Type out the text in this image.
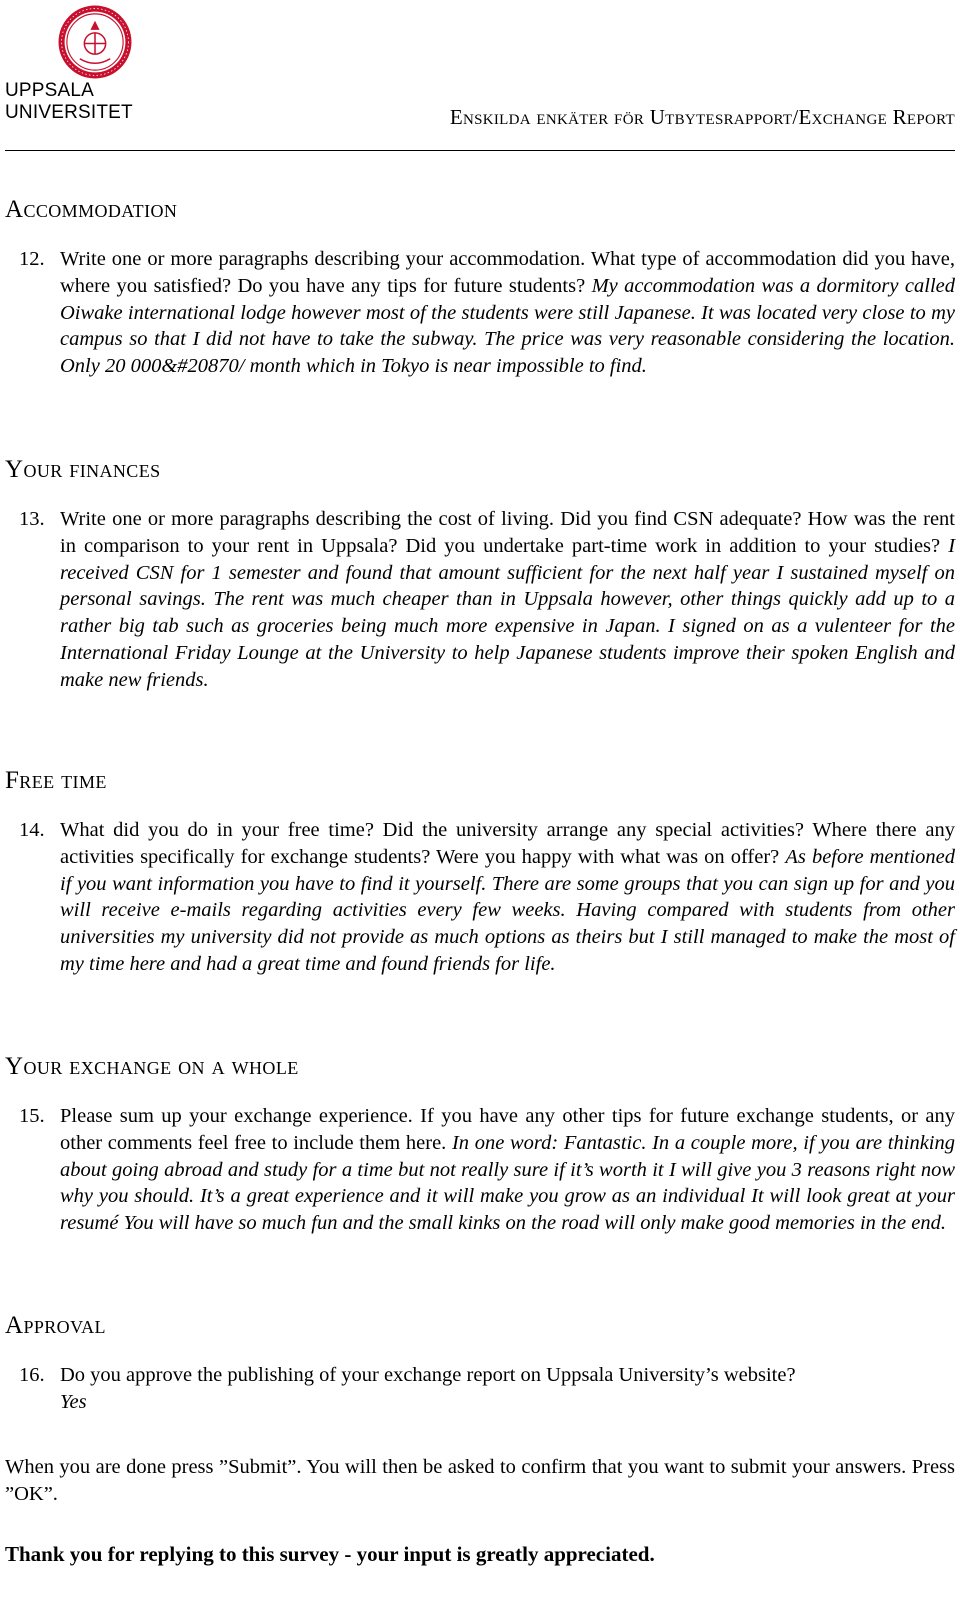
UPPSALA
UNIVERSITET	Enskilda enkäter för Utbytesrapport/Exchange Report
Accommodation
12. Write one or more paragraphs describing your accommodation. What type of accommodation did you have, where you satisfied? Do you have any tips for future students? My accommodation was a dormitory called Oiwake international lodge however most of the students were still Japanese. It was located very close to my campus so that I did not have to take the subway. The price was very reasonable considering the location. Only 20 000&#20870/ month which in Tokyo is near impossible to find.
Your finances
13. Write one or more paragraphs describing the cost of living. Did you find CSN adequate? How was the rent in comparison to your rent in Uppsala? Did you undertake part-time work in addition to your studies? I received CSN for 1 semester and found that amount sufficient for the next half year I sustained myself on personal savings. The rent was much cheaper than in Uppsala however, other things quickly add up to a rather big tab such as groceries being much more expensive in Japan. I signed on as a vulenteer for the International Friday Lounge at the University to help Japanese students improve their spoken English and make new friends.
Free time
14. What did you do in your free time? Did the university arrange any special activities? Where there any activities specifically for exchange students? Were you happy with what was on offer? As before mentioned if you want information you have to find it yourself. There are some groups that you can sign up for and you will receive e-mails regarding activities every few weeks. Having compared with students from other universities my university did not provide as much options as theirs but I still managed to make the most of my time here and had a great time and found friends for life.
Your exchange on a whole
15. Please sum up your exchange experience. If you have any other tips for future exchange students, or any other comments feel free to include them here. In one word: Fantastic. In a couple more, if you are thinking about going abroad and study for a time but not really sure if it’s worth it I will give you 3 reasons right now why you should. It’s a great experience and it will make you grow as an individual It will look great at your resumé You will have so much fun and the small kinks on the road will only make good memories in the end.
Approval
16. Do you approve the publishing of your exchange report on Uppsala University’s website?
Yes
When you are done press ”Submit”. You will then be asked to confirm that you want to submit your answers. Press ”OK”.
Thank you for replying to this survey - your input is greatly appreciated.
